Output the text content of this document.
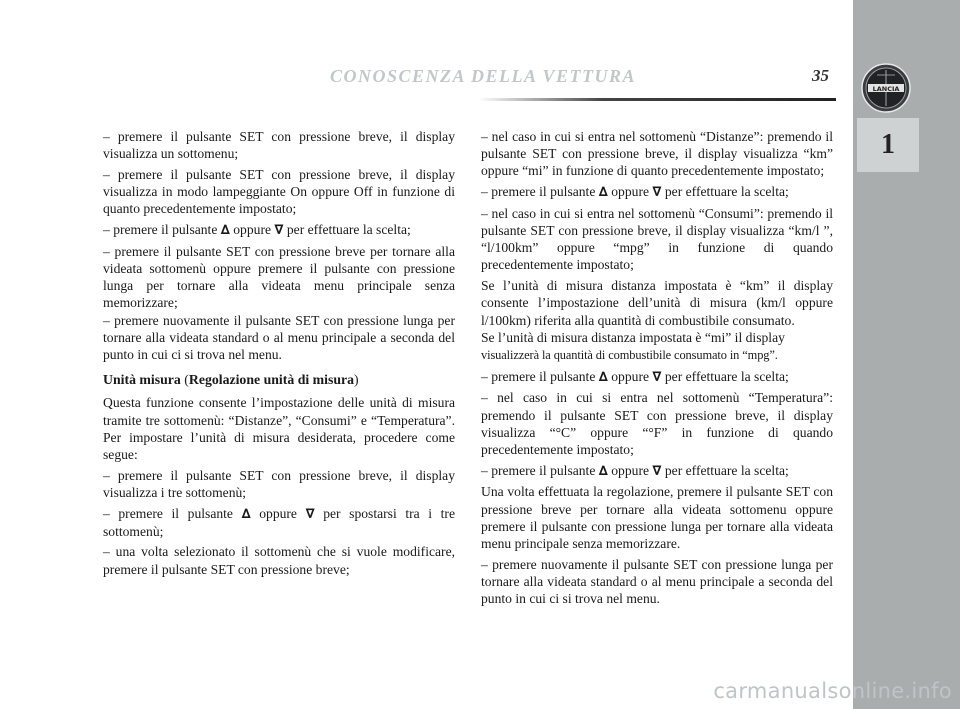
CONOSCENZA DELLA VETTURA	35
LANCIA
1

– premere il pulsante SET con pressione breve, il display visualizza un sottomenu;

– premere il pulsante SET con pressione breve, il display visualizza in modo lampeggiante On oppure Off in funzione di quanto precedentemente impostato;

– premere il pulsante ∆ oppure ∇ per effettuare la scelta;

– premere il pulsante SET con pressione breve per tornare alla videata sottomenù oppure premere il pulsante con pressione lunga per tornare alla videata menu principale senza memorizzare;

– premere nuovamente il pulsante SET con pressione lunga per tornare alla videata standard o al menu principale a seconda del punto in cui ci si trova nel menu.

Unità misura (Regolazione unità di misura)

Questa funzione consente l’impostazione delle unità di misura tramite tre sottomenù: “Distanze”, “Consumi” e “Temperatura”. Per impostare l’unità di misura desiderata, procedere come segue:

– premere il pulsante SET con pressione breve, il display visualizza i tre sottomenù;

– premere il pulsante ∆ oppure ∇ per spostarsi tra i tre sottomenù;

– una volta selezionato il sottomenù che si vuole modificare, premere il pulsante SET con pressione breve;

– nel caso in cui si entra nel sottomenù “Distanze”: premendo il pulsante SET con pressione breve, il display visualizza “km” oppure “mi” in funzione di quanto precedentemente impostato;

– premere il pulsante ∆ oppure ∇ per effettuare la scelta;

– nel caso in cui si entra nel sottomenù “Consumi”: premendo il pulsante SET con pressione breve, il display visualizza “km/l ”, “l/100km” oppure “mpg” in funzione di quando precedentemente impostato;

Se l’unità di misura distanza impostata è “km” il display consente l’impostazione dell’unità di misura (km/l oppure l/100km) riferita alla quantità di combustibile consumato.

Se l’unità di misura distanza impostata è “mi” il display
visualizzerà la quantità di combustibile consumato in “mpg”.

– premere il pulsante ∆ oppure ∇ per effettuare la scelta;

– nel caso in cui si entra nel sottomenù “Temperatura”: premendo il pulsante SET con pressione breve, il display visualizza “°C” oppure “°F” in funzione di quando precedentemente impostato;

– premere il pulsante ∆ oppure ∇ per effettuare la scelta;

Una volta effettuata la regolazione, premere il pulsante SET con pressione breve per tornare alla videata sottomenu oppure premere il pulsante con pressione lunga per tornare alla videata menu principale senza memorizzare.

– premere nuovamente il pulsante SET con pressione lunga per tornare alla videata standard o al menu principale a seconda del punto in cui ci si trova nel menu.

carmanualsonline.info
